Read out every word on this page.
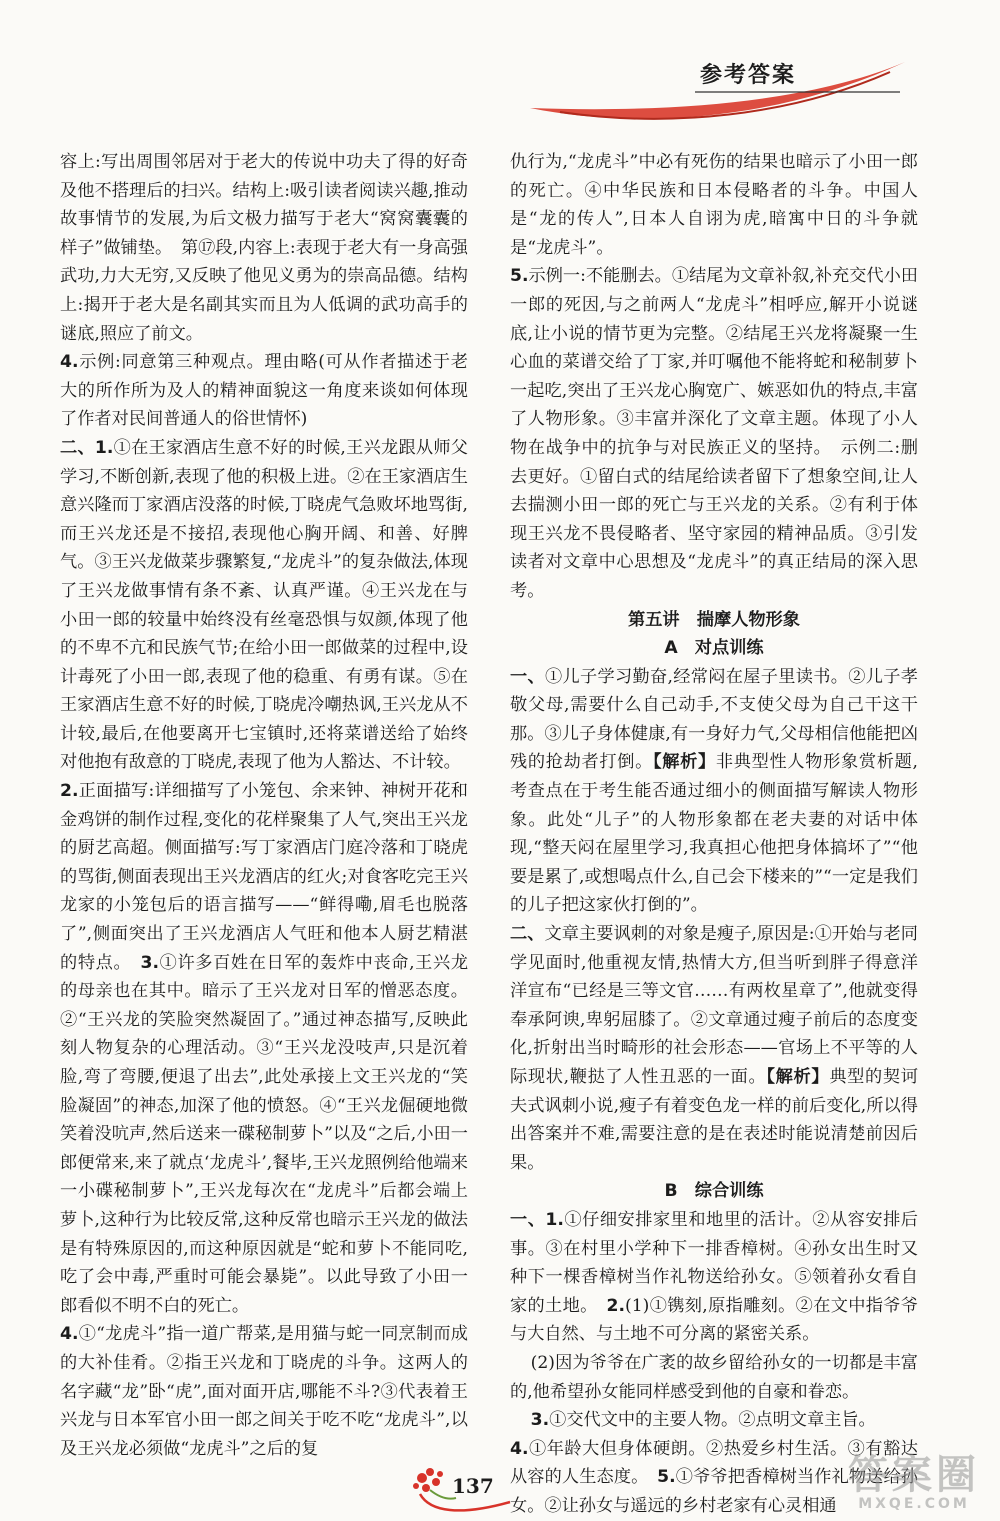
参考答案

容上:写出周围邻居对于老大的传说中功夫了得的好奇及他不搭理后的扫兴。结构上:吸引读者阅读兴趣,推动故事情节的发展,为后文极力描写于老大“窝窝囊囊的样子”做铺垫。　第⑰段,内容上:表现于老大有一身高强武功,力大无穷,又反映了他见义勇为的崇高品德。结构上:揭开于老大是名副其实而且为人低调的武功高手的谜底,照应了前文。

4.示例:同意第三种观点。理由略(可从作者描述于老大的所作所为及人的精神面貌这一角度来谈如何体现了作者对民间普通人的俗世情怀)

二、1.①在王家酒店生意不好的时候,王兴龙跟从师父学习,不断创新,表现了他的积极上进。②在王家酒店生意兴隆而丁家酒店没落的时候,丁晓虎气急败坏地骂街,而王兴龙还是不接招,表现他心胸开阔、和善、好脾气。③王兴龙做菜步骤繁复,“龙虎斗”的复杂做法,体现了王兴龙做事情有条不紊、认真严谨。④王兴龙在与小田一郎的较量中始终没有丝毫恐惧与奴颜,体现了他的不卑不亢和民族气节;在给小田一郎做菜的过程中,设计毒死了小田一郎,表现了他的稳重、有勇有谋。⑤在王家酒店生意不好的时候,丁晓虎冷嘲热讽,王兴龙从不计较,最后,在他要离开七宝镇时,还将菜谱送给了始终对他抱有敌意的丁晓虎,表现了他为人豁达、不计较。

2.正面描写:详细描写了小笼包、余来钟、神树开花和金鸡饼的制作过程,变化的花样聚集了人气,突出王兴龙的厨艺高超。侧面描写:写丁家酒店门庭冷落和丁晓虎的骂街,侧面表现出王兴龙酒店的红火;对食客吃完王兴龙家的小笼包后的语言描写——“鲜得嘞,眉毛也脱落了”,侧面突出了王兴龙酒店人气旺和他本人厨艺精湛的特点。　3.①许多百姓在日军的轰炸中丧命,王兴龙的母亲也在其中。暗示了王兴龙对日军的憎恶态度。②“王兴龙的笑脸突然凝固了。”通过神态描写,反映此刻人物复杂的心理活动。③“王兴龙没吱声,只是沉着脸,弯了弯腰,便退了出去”,此处承接上文王兴龙的“笑脸凝固”的神态,加深了他的愤怒。④“王兴龙倔硬地微笑着没吭声,然后送来一碟秘制萝卜”以及“之后,小田一郎便常来,来了就点‘龙虎斗’,餐毕,王兴龙照例给他端来一小碟秘制萝卜”,王兴龙每次在“龙虎斗”后都会端上萝卜,这种行为比较反常,这种反常也暗示王兴龙的做法是有特殊原因的,而这种原因就是“蛇和萝卜不能同吃,吃了会中毒,严重时可能会暴毙”。以此导致了小田一郎看似不明不白的死亡。

4.①“龙虎斗”指一道广帮菜,是用猫与蛇一同烹制而成的大补佳肴。②指王兴龙和丁晓虎的斗争。这两人的名字藏“龙”卧“虎”,面对面开店,哪能不斗?③代表着王兴龙与日本军官小田一郎之间关于吃不吃“龙虎斗”,以及王兴龙必须做“龙虎斗”之后的复

仇行为,“龙虎斗”中必有死伤的结果也暗示了小田一郎的死亡。④中华民族和日本侵略者的斗争。中国人是“龙的传人”,日本人自诩为虎,暗寓中日的斗争就是“龙虎斗”。

5.示例一:不能删去。①结尾为文章补叙,补充交代小田一郎的死因,与之前两人“龙虎斗”相呼应,解开小说谜底,让小说的情节更为完整。②结尾王兴龙将凝聚一生心血的菜谱交给了丁家,并叮嘱他不能将蛇和秘制萝卜一起吃,突出了王兴龙心胸宽广、嫉恶如仇的特点,丰富了人物形象。③丰富并深化了文章主题。体现了小人物在战争中的抗争与对民族正义的坚持。　示例二:删去更好。①留白式的结尾给读者留下了想象空间,让人去揣测小田一郎的死亡与王兴龙的关系。②有利于体现王兴龙不畏侵略者、坚守家园的精神品质。③引发读者对文章中心思想及“龙虎斗”的真正结局的深入思考。

第五讲　揣摩人物形象

A　对点训练

一、①儿子学习勤奋,经常闷在屋子里读书。②儿子孝敬父母,需要什么自己动手,不支使父母为自己干这干那。③儿子身体健康,有一身好力气,父母相信他能把凶残的抢劫者打倒。【解析】非典型性人物形象赏析题,考查点在于考生能否通过细小的侧面描写解读人物形象。此处“儿子”的人物形象都在老夫妻的对话中体现,“整天闷在屋里学习,我真担心他把身体搞坏了”“他要是累了,或想喝点什么,自己会下楼来的”“一定是我们的儿子把这家伙打倒的”。

二、文章主要讽刺的对象是瘦子,原因是:①开始与老同学见面时,他重视友情,热情大方,但当听到胖子得意洋洋宣布“已经是三等文官……有两枚星章了”,他就变得奉承阿谀,卑躬屈膝了。②文章通过瘦子前后的态度变化,折射出当时畸形的社会形态——官场上不平等的人际现状,鞭挞了人性丑恶的一面。【解析】典型的契诃夫式讽刺小说,瘦子有着变色龙一样的前后变化,所以得出答案并不难,需要注意的是在表述时能说清楚前因后果。

B　综合训练

一、1.①仔细安排家里和地里的活计。②从容安排后事。③在村里小学种下一排香樟树。④孙女出生时又种下一棵香樟树当作礼物送给孙女。⑤领着孙女看自家的土地。　2.(1)①镌刻,原指雕刻。②在文中指爷爷与大自然、与土地不可分离的紧密关系。

(2)因为爷爷在广袤的故乡留给孙女的一切都是丰富的,他希望孙女能同样感受到他的自豪和眷恋。

3.①交代文中的主要人物。②点明文章主旨。

4.①年龄大但身体硬朗。②热爱乡村生活。③有豁达从容的人生态度。　5.①爷爷把香樟树当作礼物送给孙女。②让孙女与遥远的乡村老家有心灵相通

137	答案圈
MXQE.COM
